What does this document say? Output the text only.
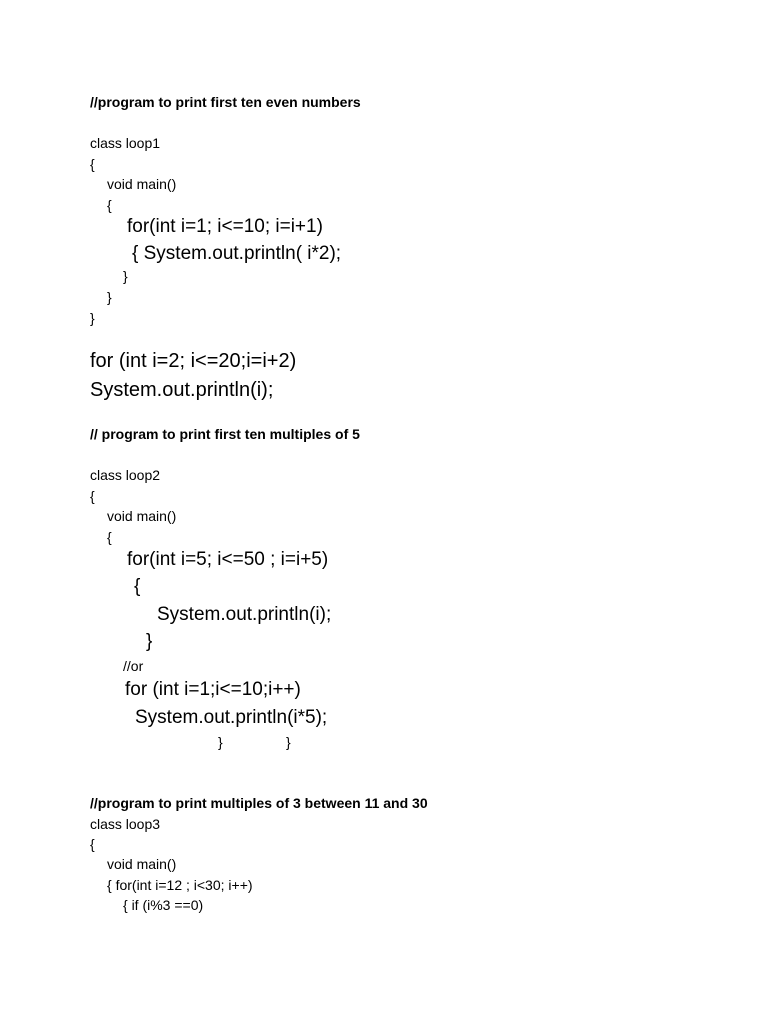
//program to print first ten even numbers
class loop1
{
void main()
{
for(int i=1; i<=10; i=i+1)
{ System.out.println( i*2);
}
}
}
for (int i=2; i<=20;i=i+2)
System.out.println(i);
// program to print first ten multiples of 5
class loop2
{
void main()
{
for(int i=5; i<=50 ; i=i+5)
{
System.out.println(i);
}
//or
for (int i=1;i<=10;i++)
System.out.println(i*5);
}	}
//program to print multiples of 3 between 11 and 30
class loop3
{
void main()
{ for(int i=12 ; i<30; i++)
{ if (i%3 ==0)
